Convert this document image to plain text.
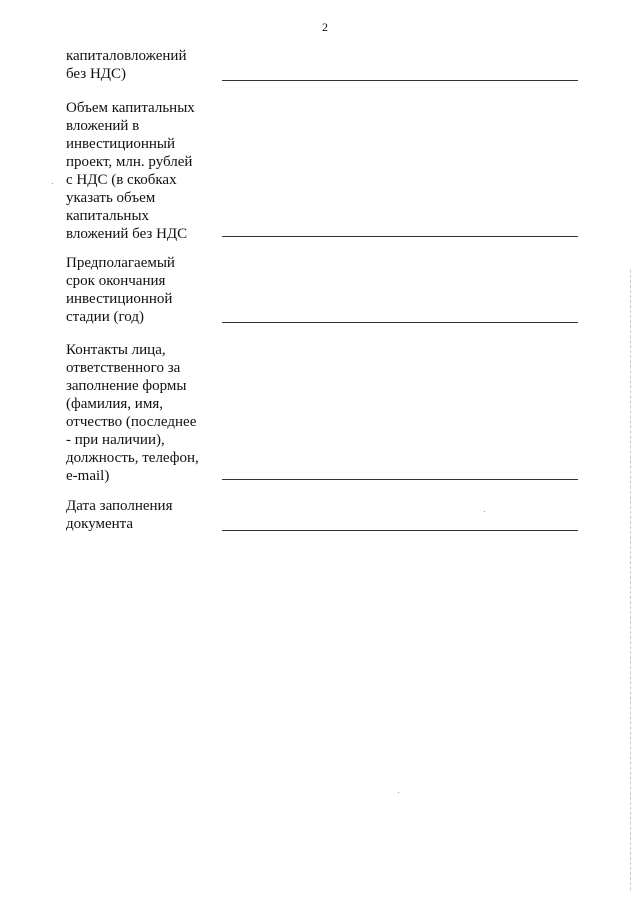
2
капиталовложений
без НДС)
Объем капитальных
вложений в
инвестиционный
проект, млн. рублей
с НДС (в скобках
указать объем
капитальных
вложений без НДС
Предполагаемый
срок окончания
инвестиционной
стадии (год)
Контакты лица,
ответственного за
заполнение формы
(фамилия, имя,
отчество (последнее
- при наличии),
должность, телефон,
e-mail)
Дата заполнения
документа
